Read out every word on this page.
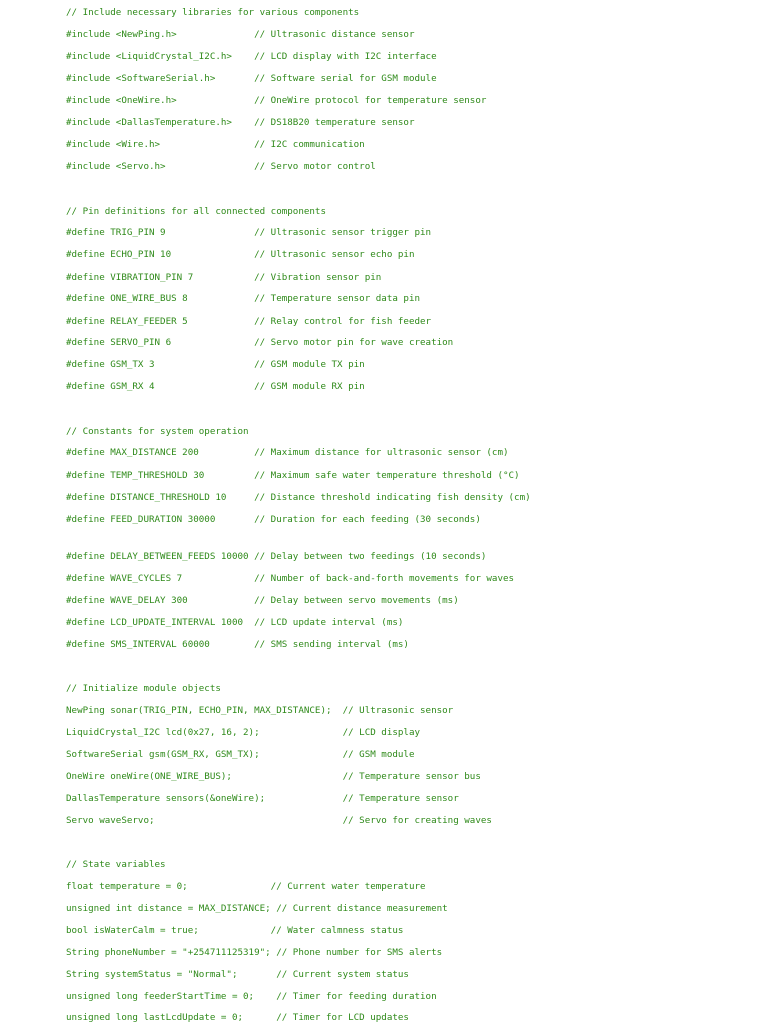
// Include necessary libraries for various components

#include <NewPing.h>              // Ultrasonic distance sensor

#include <LiquidCrystal_I2C.h>    // LCD display with I2C interface

#include <SoftwareSerial.h>       // Software serial for GSM module

#include <OneWire.h>              // OneWire protocol for temperature sensor

#include <DallasTemperature.h>    // DS18B20 temperature sensor

#include <Wire.h>                 // I2C communication

#include <Servo.h>                // Servo motor control

// Pin definitions for all connected components

#define TRIG_PIN 9                // Ultrasonic sensor trigger pin

#define ECHO_PIN 10               // Ultrasonic sensor echo pin

#define VIBRATION_PIN 7           // Vibration sensor pin

#define ONE_WIRE_BUS 8            // Temperature sensor data pin

#define RELAY_FEEDER 5            // Relay control for fish feeder

#define SERVO_PIN 6               // Servo motor pin for wave creation

#define GSM_TX 3                  // GSM module TX pin

#define GSM_RX 4                  // GSM module RX pin

// Constants for system operation

#define MAX_DISTANCE 200          // Maximum distance for ultrasonic sensor (cm)

#define TEMP_THRESHOLD 30         // Maximum safe water temperature threshold (°C)

#define DISTANCE_THRESHOLD 10     // Distance threshold indicating fish density (cm)

#define FEED_DURATION 30000       // Duration for each feeding (30 seconds)

#define DELAY_BETWEEN_FEEDS 10000 // Delay between two feedings (10 seconds)

#define WAVE_CYCLES 7             // Number of back-and-forth movements for waves

#define WAVE_DELAY 300            // Delay between servo movements (ms)

#define LCD_UPDATE_INTERVAL 1000  // LCD update interval (ms)

#define SMS_INTERVAL 60000        // SMS sending interval (ms)

// Initialize module objects

NewPing sonar(TRIG_PIN, ECHO_PIN, MAX_DISTANCE);  // Ultrasonic sensor

LiquidCrystal_I2C lcd(0x27, 16, 2);               // LCD display

SoftwareSerial gsm(GSM_RX, GSM_TX);               // GSM module

OneWire oneWire(ONE_WIRE_BUS);                    // Temperature sensor bus

DallasTemperature sensors(&oneWire);              // Temperature sensor

Servo waveServo;                                  // Servo for creating waves

// State variables

float temperature = 0;               // Current water temperature

unsigned int distance = MAX_DISTANCE; // Current distance measurement

bool isWaterCalm = true;             // Water calmness status

String phoneNumber = "+254711125319"; // Phone number for SMS alerts

String systemStatus = "Normal";       // Current system status

unsigned long feederStartTime = 0;    // Timer for feeding duration

unsigned long lastLcdUpdate = 0;      // Timer for LCD updates
